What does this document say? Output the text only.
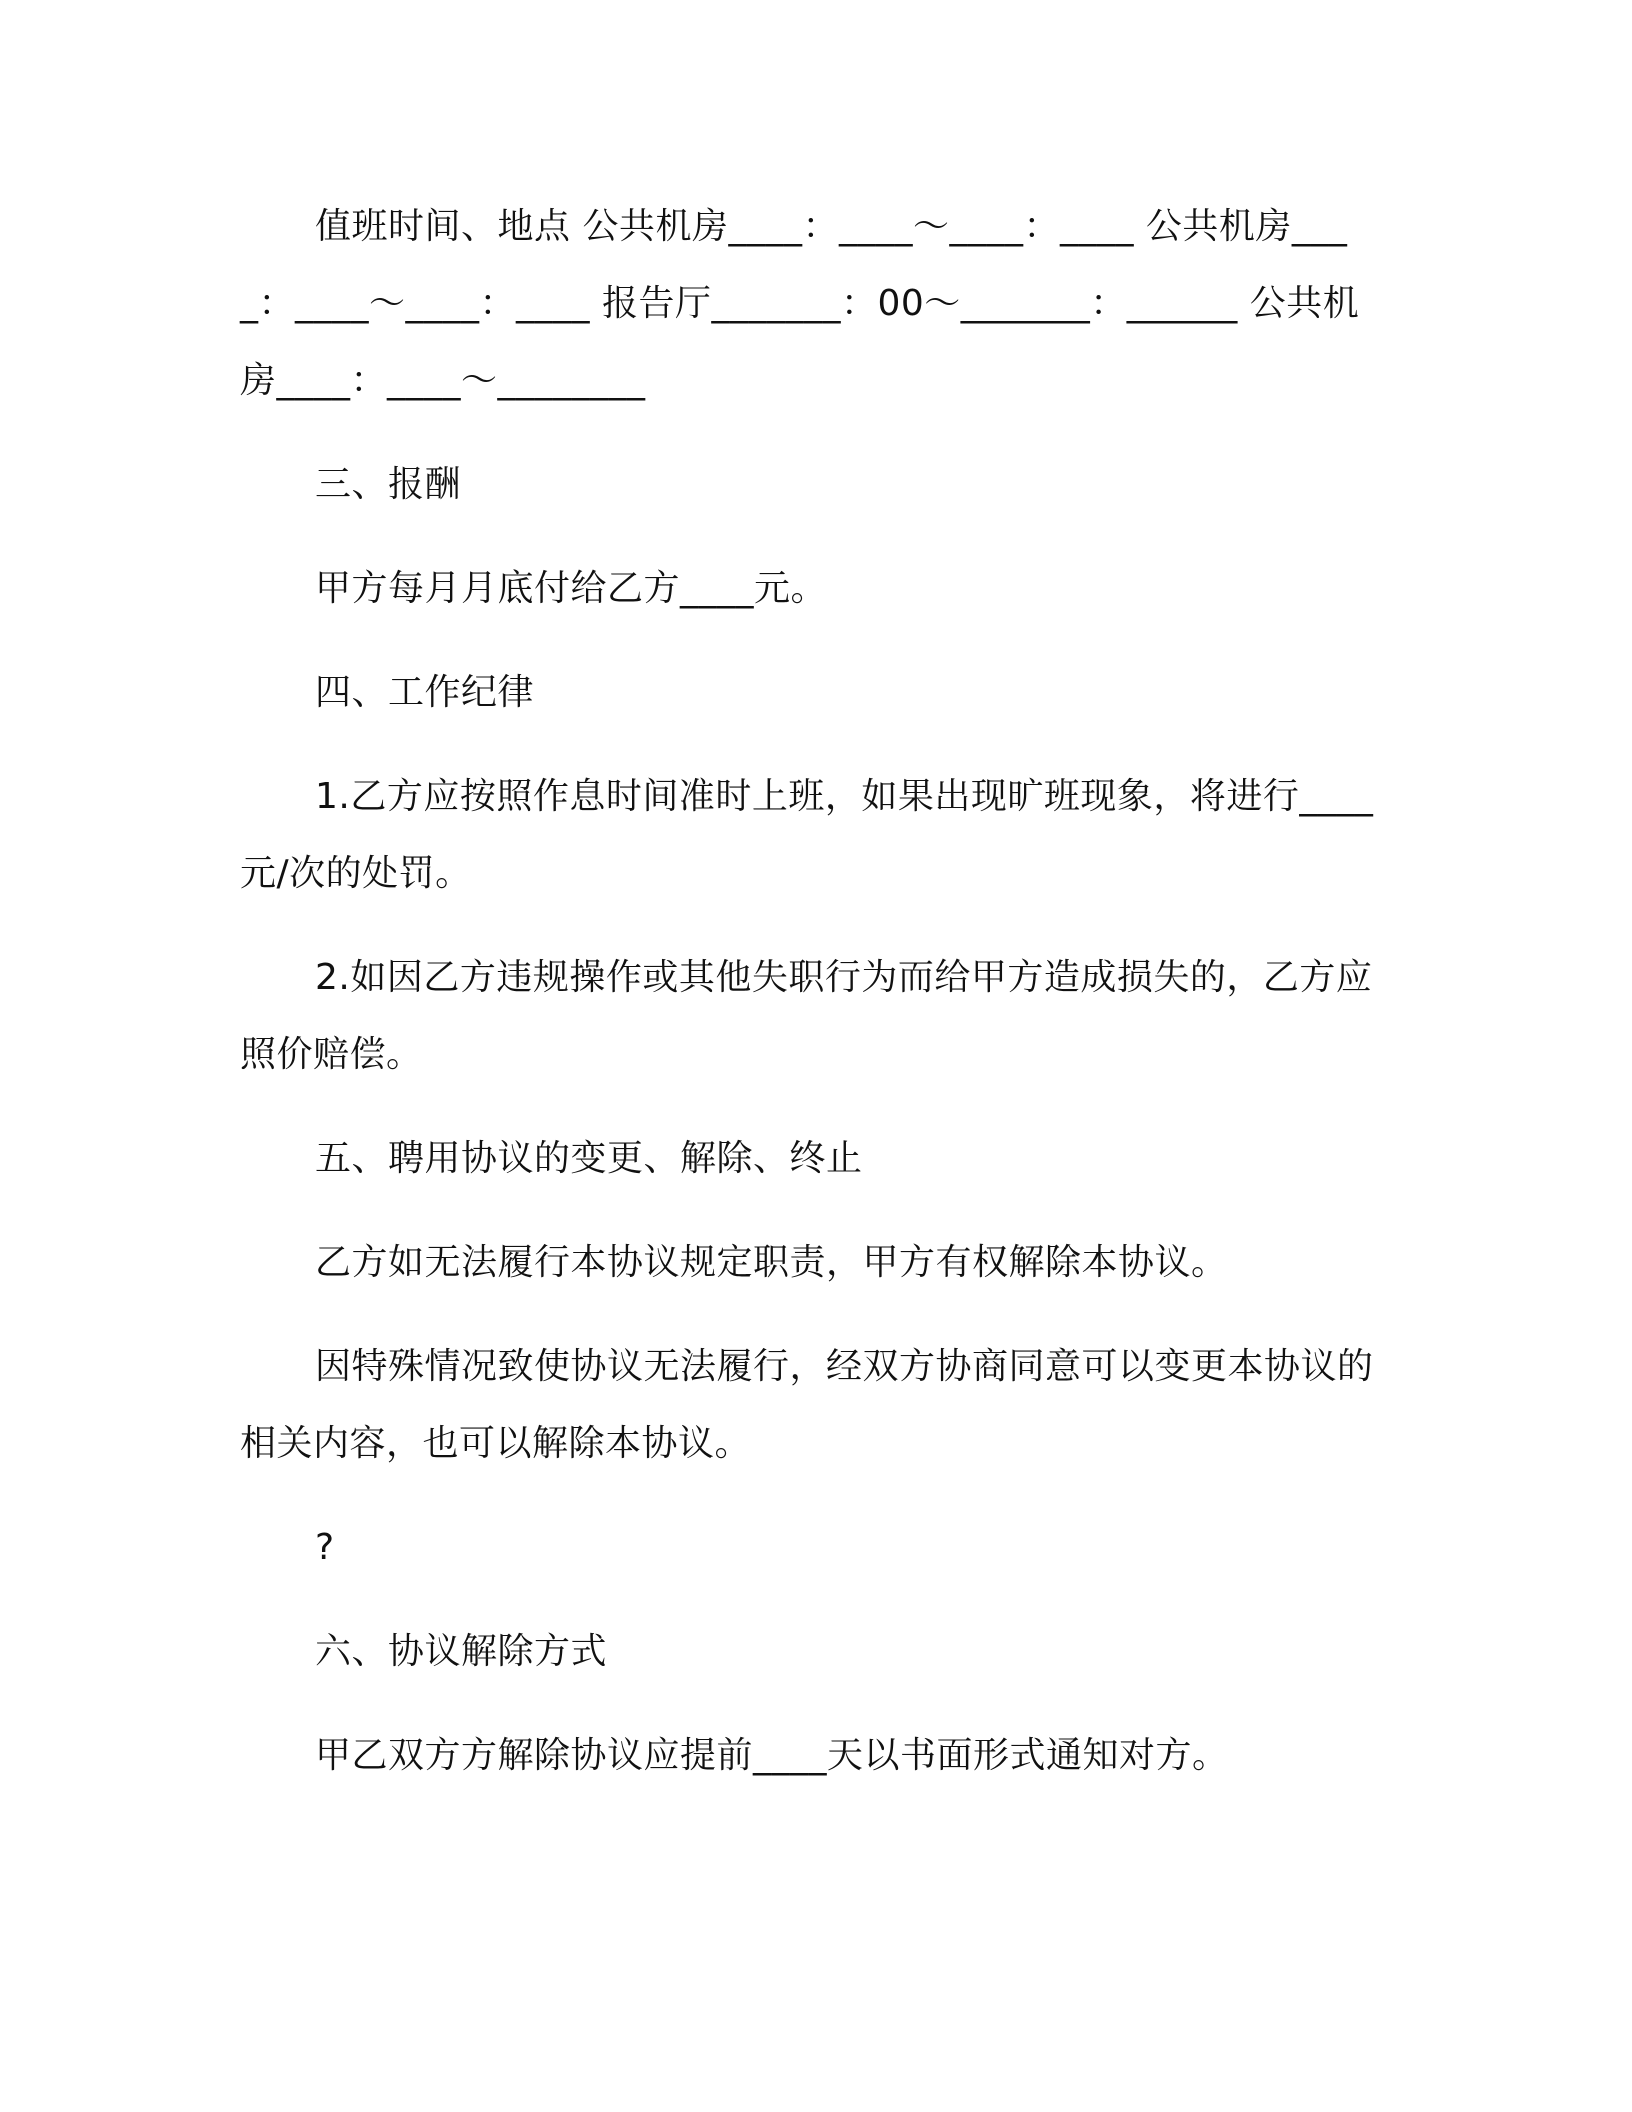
值班时间、地点 公共机房____：____～____：____ 公共机房____：____～____：____ 报告厅_______：00～_______：______ 公共机房____：____～________

三、报酬

甲方每月月底付给乙方____元。

四、工作纪律

1.乙方应按照作息时间准时上班，如果出现旷班现象，将进行____元/次的处罚。

2.如因乙方违规操作或其他失职行为而给甲方造成损失的，乙方应照价赔偿。

五、聘用协议的变更、解除、终止

乙方如无法履行本协议规定职责，甲方有权解除本协议。

因特殊情况致使协议无法履行，经双方协商同意可以变更本协议的相关内容，也可以解除本协议。

?

六、协议解除方式

甲乙双方方解除协议应提前____天以书面形式通知对方。
